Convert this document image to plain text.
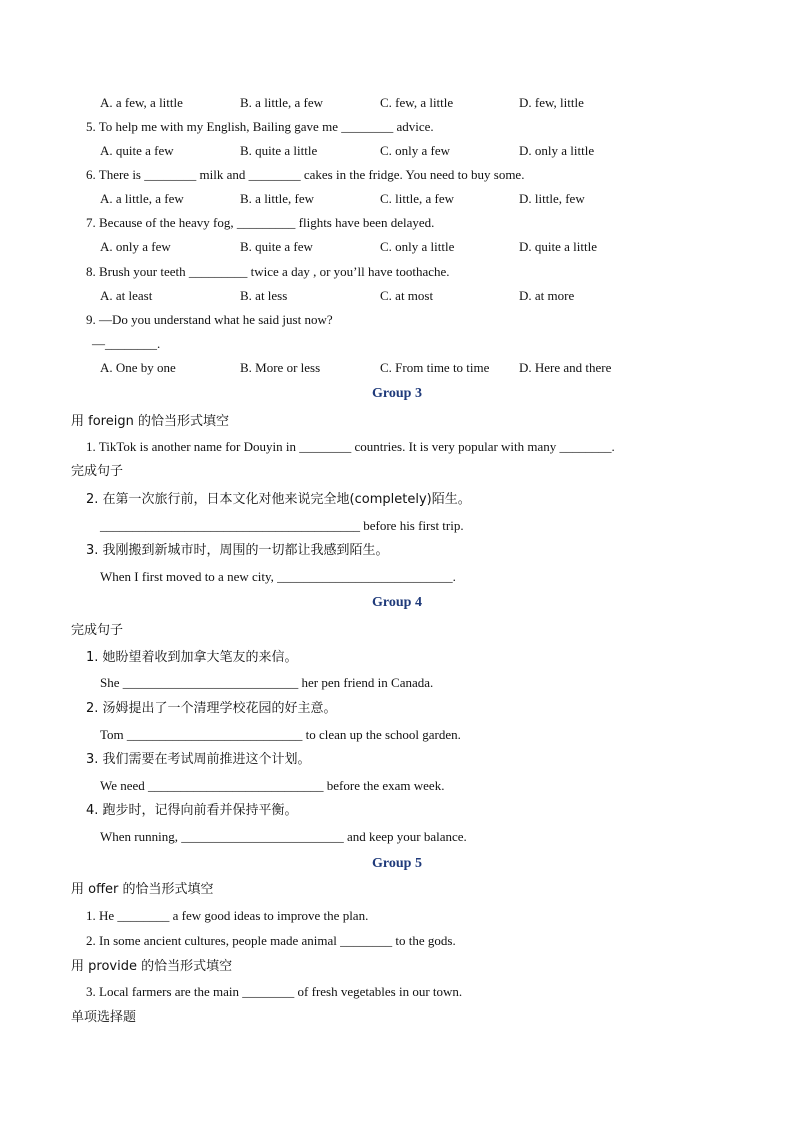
A. a few, a little	B. a little, a few	C. few, a little	D. few, little
5. To help me with my English, Bailing gave me ________ advice.
A. quite a few	B. quite a little	C. only a few	D. only a little
6. There is ________ milk and ________ cakes in the fridge. You need to buy some.
A. a little, a few	B. a little, few	C. little, a few	D. little, few
7. Because of the heavy fog, _________ flights have been delayed.
A. only a few	B. quite a few	C. only a little	D. quite a little
8. Brush your teeth _________ twice a day , or you’ll have toothache.
A. at least	B. at less	C. at most	D. at more
9. —Do you understand what he said just now?
—________.
A. One by one	B. More or less	C. From time to time D. Here and there
Group 3
用 foreign 的恰当形式填空
1. TikTok is another name for Douyin in ________ countries. It is very popular with many ________.
完成句子
2. 在第一次旅行前，日本文化对他来说完全地(completely)陌生。
________________________________________ before his first trip.
3. 我刚搬到新城市时，周围的一切都让我感到陌生。
When I first moved to a new city, ___________________________.
Group 4
完成句子
1. 她盼望着收到加拿大笔友的来信。
She ___________________________ her pen friend in Canada.
2. 汤姆提出了一个清理学校花园的好主意。
Tom ___________________________ to clean up the school garden.
3. 我们需要在考试周前推进这个计划。
We need ___________________________ before the exam week.
4. 跑步时，记得向前看并保持平衡。
When running, _________________________ and keep your balance.
Group 5
用 offer 的恰当形式填空
1. He ________ a few good ideas to improve the plan.
2. In some ancient cultures, people made animal ________ to the gods.
用 provide 的恰当形式填空
3. Local farmers are the main ________ of fresh vegetables in our town.
单项选择题
